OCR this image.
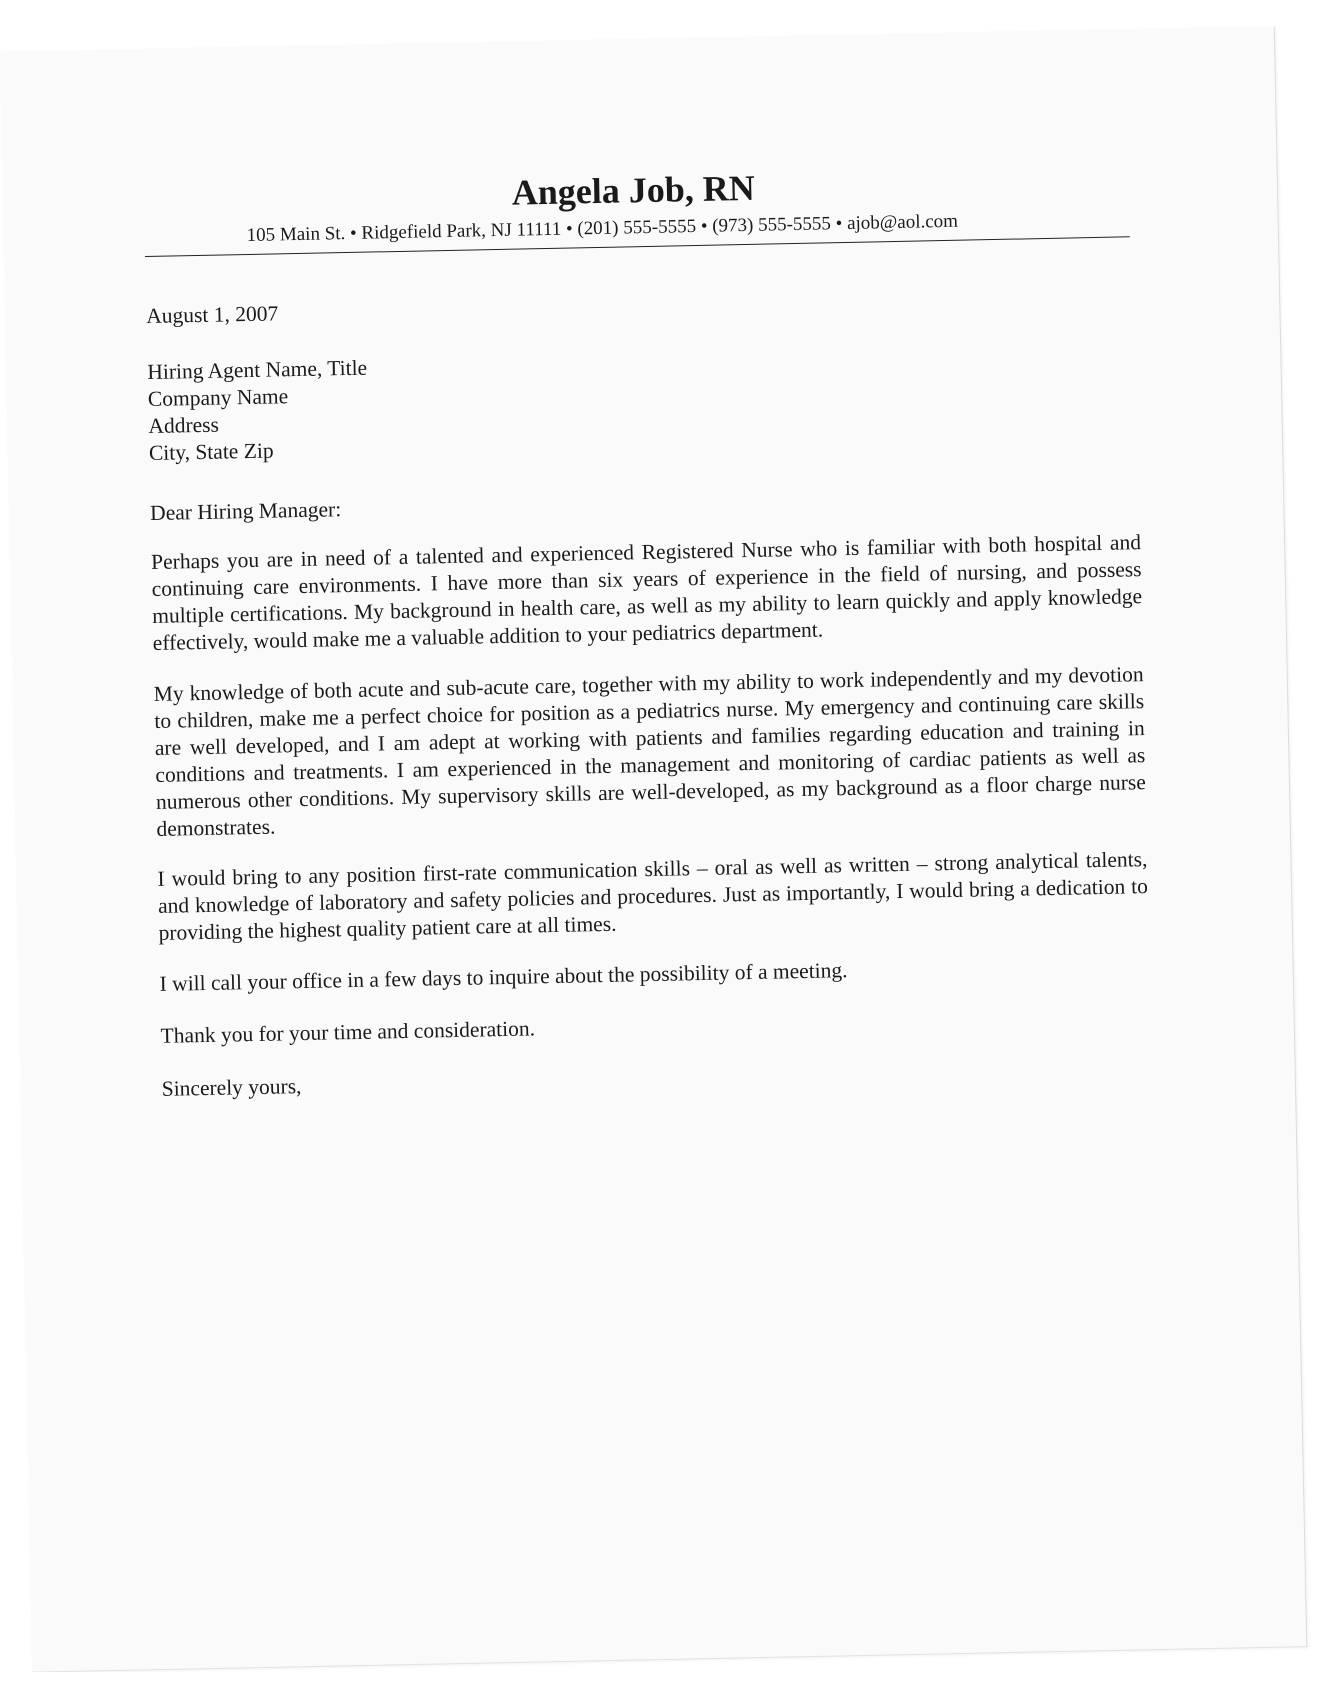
Angela Job, RN
105 Main St. • Ridgefield Park, NJ 11111 • (201) 555-5555 • (973) 555-5555 • ajob@aol.com
August 1, 2007
Hiring Agent Name, Title
Company Name
Address
City, State Zip
Dear Hiring Manager:
Perhaps you are in need of a talented and experienced Registered Nurse who is familiar with both hospital and continuing care environments. I have more than six years of experience in the field of nursing, and possess multiple certifications. My background in health care, as well as my ability to learn quickly and apply knowledge effectively, would make me a valuable addition to your pediatrics department.
My knowledge of both acute and sub-acute care, together with my ability to work independently and my devotion to children, make me a perfect choice for position as a pediatrics nurse. My emergency and continuing care skills are well developed, and I am adept at working with patients and families regarding education and training in conditions and treatments. I am experienced in the management and monitoring of cardiac patients as well as numerous other conditions. My supervisory skills are well-developed, as my background as a floor charge nurse demonstrates.
I would bring to any position first-rate communication skills – oral as well as written – strong analytical talents, and knowledge of laboratory and safety policies and procedures. Just as importantly, I would bring a dedication to providing the highest quality patient care at all times.
I will call your office in a few days to inquire about the possibility of a meeting.
Thank you for your time and consideration.
Sincerely yours,
